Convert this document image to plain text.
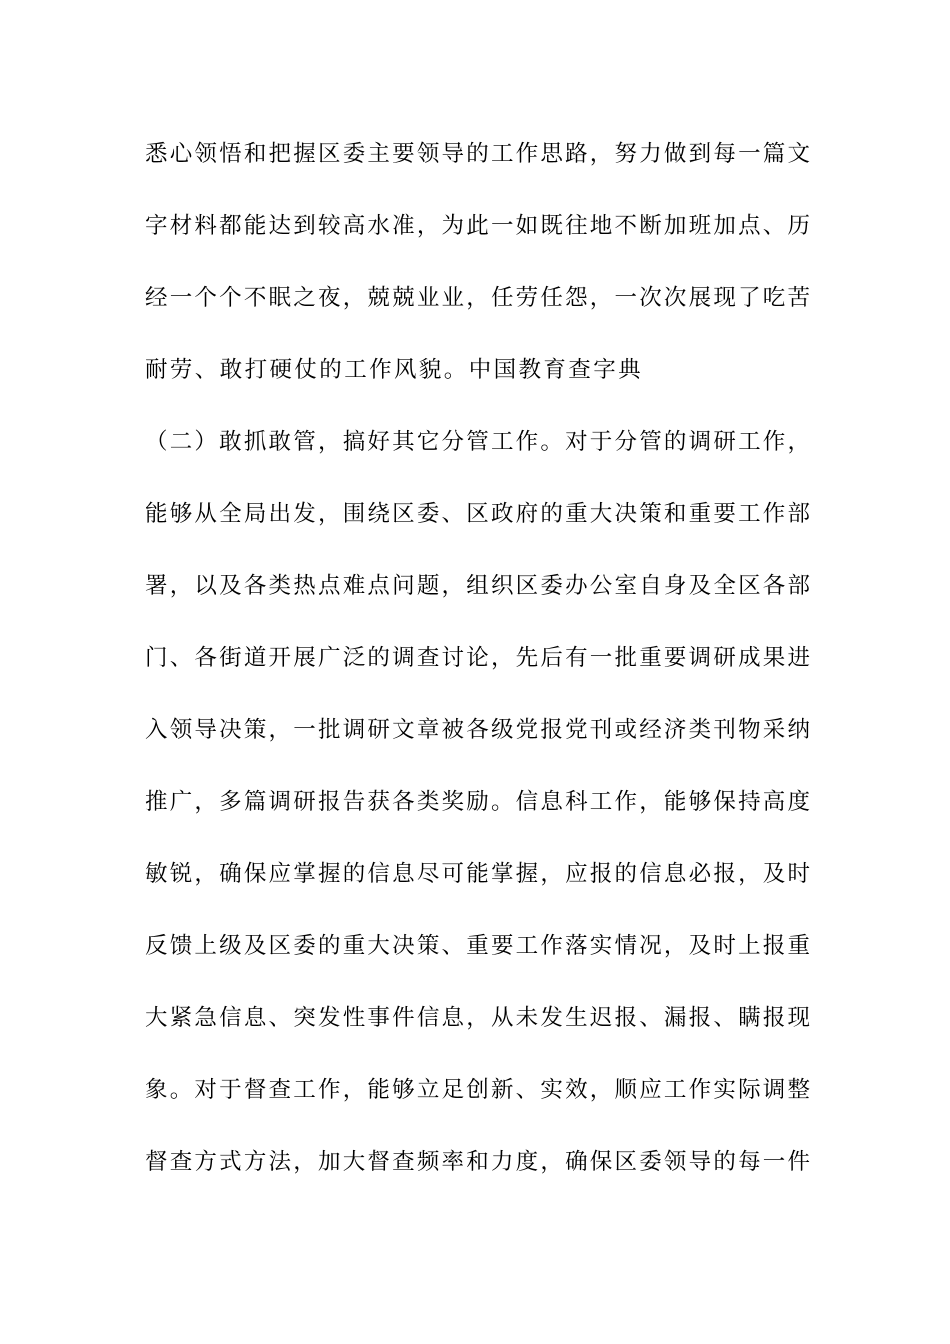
悉心领悟和把握区委主要领导的工作思路，努力做到每一篇文
字材料都能达到较高水准，为此一如既往地不断加班加点、历
经一个个不眠之夜，兢兢业业，任劳任怨，一次次展现了吃苦
耐劳、敢打硬仗的工作风貌。中国教育查字典
（二）敢抓敢管，搞好其它分管工作。对于分管的调研工作，
能够从全局出发，围绕区委、区政府的重大决策和重要工作部
署，以及各类热点难点问题，组织区委办公室自身及全区各部
门、各街道开展广泛的调查讨论，先后有一批重要调研成果进
入领导决策，一批调研文章被各级党报党刊或经济类刊物采纳
推广，多篇调研报告获各类奖励。信息科工作，能够保持高度
敏锐，确保应掌握的信息尽可能掌握，应报的信息必报，及时
反馈上级及区委的重大决策、重要工作落实情况，及时上报重
大紧急信息、突发性事件信息，从未发生迟报、漏报、瞒报现
象。对于督查工作，能够立足创新、实效，顺应工作实际调整
督查方式方法，加大督查频率和力度，确保区委领导的每一件
